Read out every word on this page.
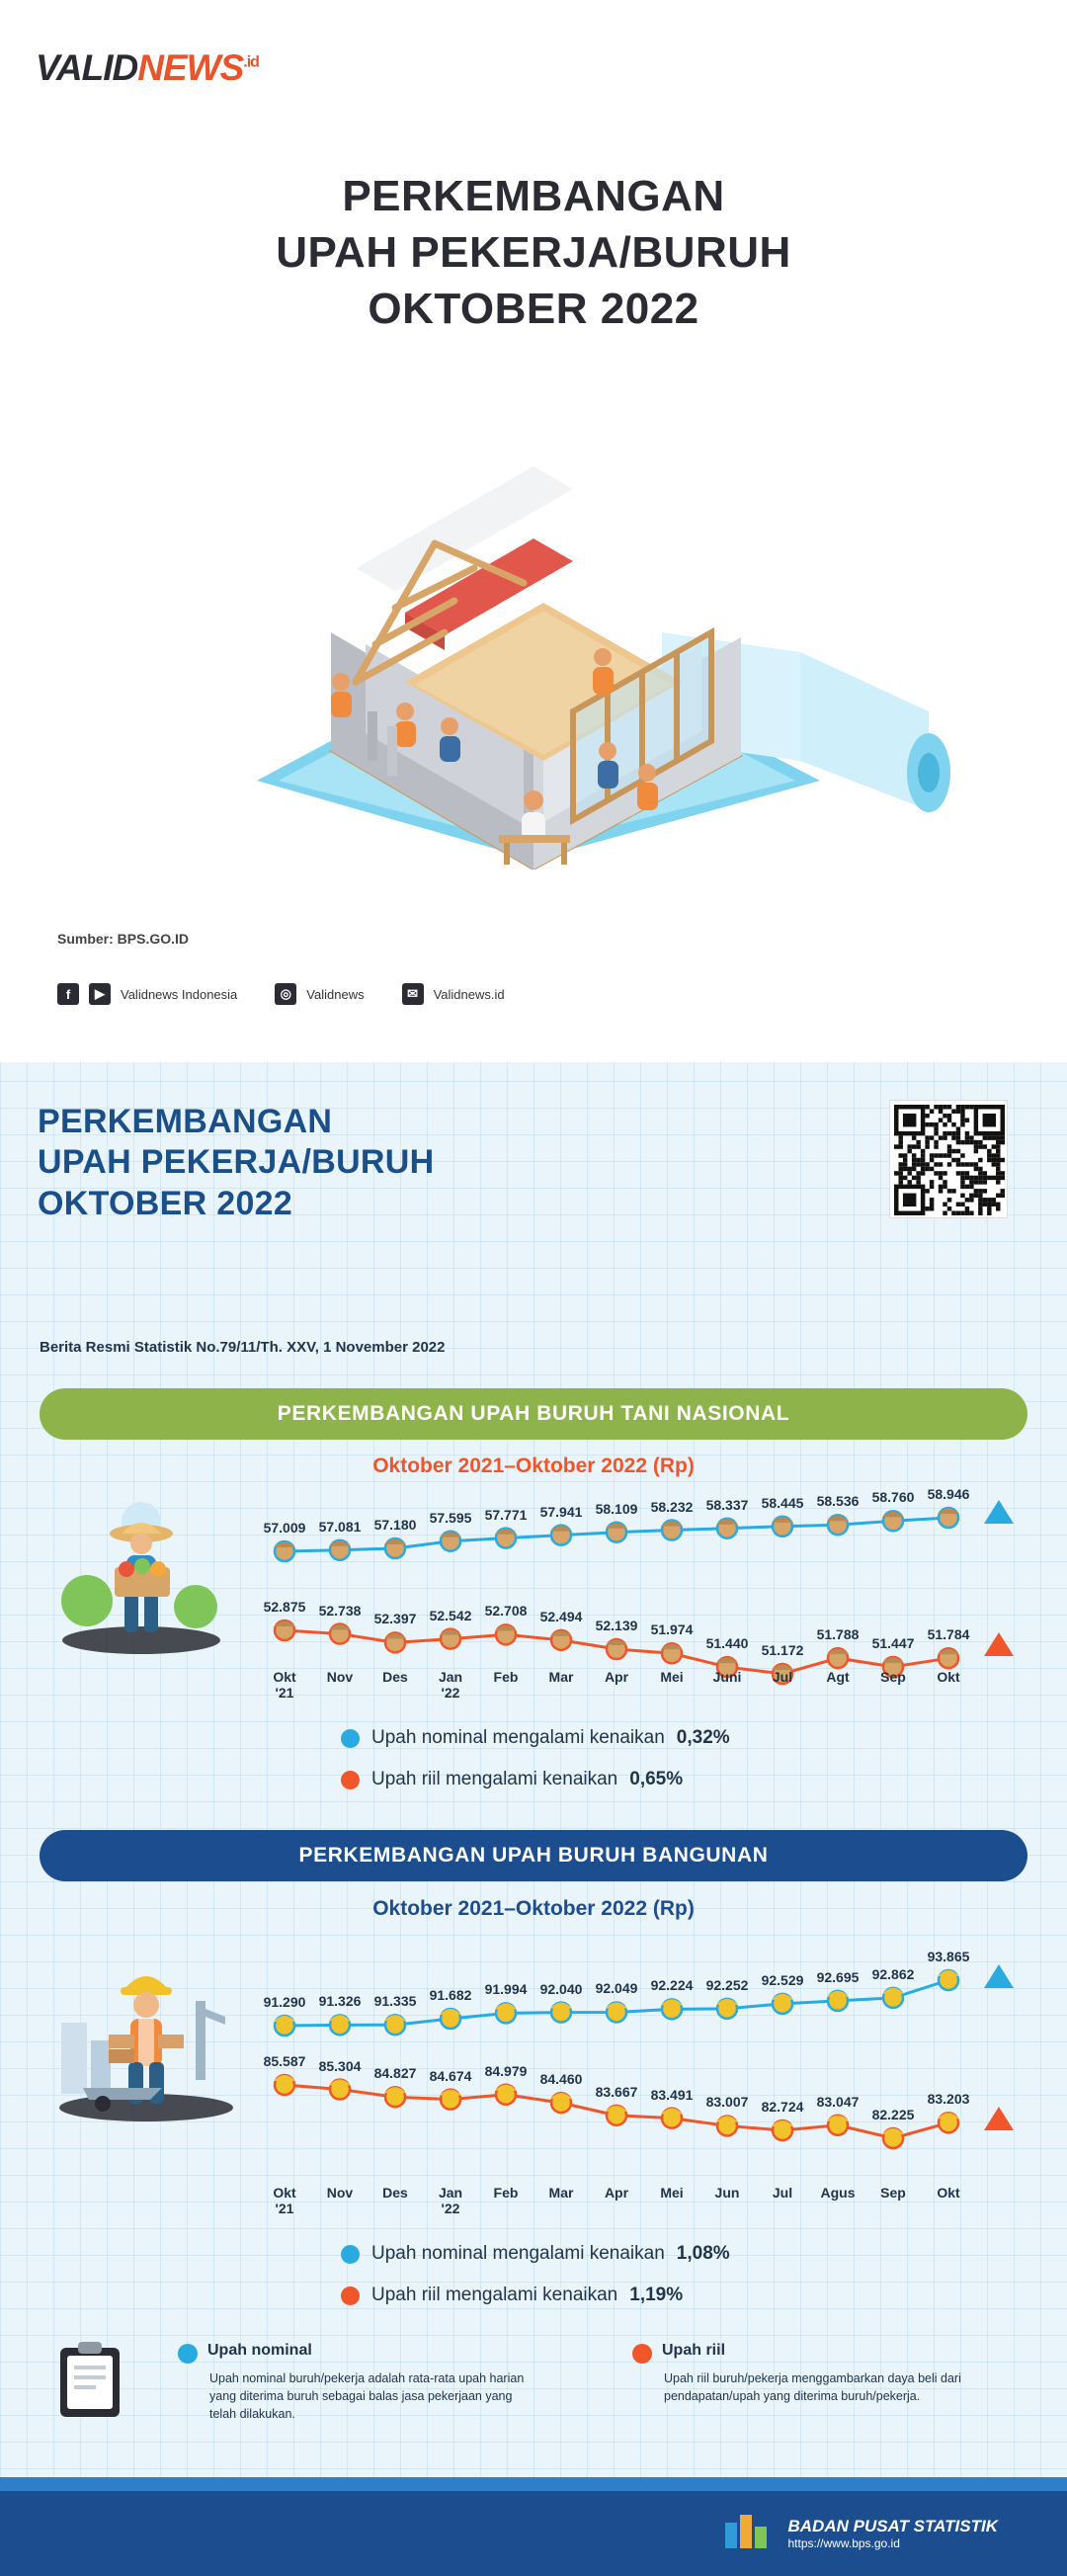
$VALIDNEWS^{.id}$
PERKEMBANGAN
UPAH PEKERJA/BURUH
OKTOBER 2022
Sumber: BPS.GO.ID
f	▶	Validnews Indonesia	◎	Validnews	✉	Validnews.id
PERKEMBANGAN
UPAH PEKERJA/BURUH
OKTOBER 2022
Berita Resmi Statistik No.79/11/Th. XXV, 1 November 2022
PERKEMBANGAN UPAH BURUH TANI NASIONAL
Oktober 2021–Oktober 2022 (Rp)
57.009 57.081 57.180 57.595 57.771 57.941 58.109 58.232 58.337 58.445 58.536 58.760 58.946
52.875 52.738
52.397 52.542 52.708 52.494
52.139 51.974
51.440 51.172
51.788
51.447
51.784
Okt
'21
Nov	Des	Jan
'22
Feb	Mar	Apr	Mei	Juni	Jul	Agt	Sep	Okt
Upah nominal mengalami kenaikan 0,32%
Upah riil mengalami kenaikan 0,65%
PERKEMBANGAN UPAH BURUH BANGUNAN
Oktober 2021–Oktober 2022 (Rp)
91.290 91.326 91.335 91.682 91.994 92.040 92.049 92.224 92.252 92.529 92.695 92.862
93.865
85.587 85.304 84.827 84.674 84.979
84.460
83.667 83.491 83.007 82.724 83.047
82.225
83.203
Okt
'21
Nov	Des	Jan
'22
Feb	Mar	Apr	Mei	Jun	Jul	Agus	Sep	Okt
Upah nominal mengalami kenaikan 1,08%
Upah riil mengalami kenaikan 1,19%
Upah nominal
Upah nominal buruh/pekerja adalah rata-rata upah harian yang diterima buruh sebagai balas jasa pekerjaan yang telah dilakukan.
Upah riil
Upah riil buruh/pekerja menggambarkan daya beli dari pendapatan/upah yang diterima buruh/pekerja.
BADAN PUSAT STATISTIK
https://www.bps.go.id
